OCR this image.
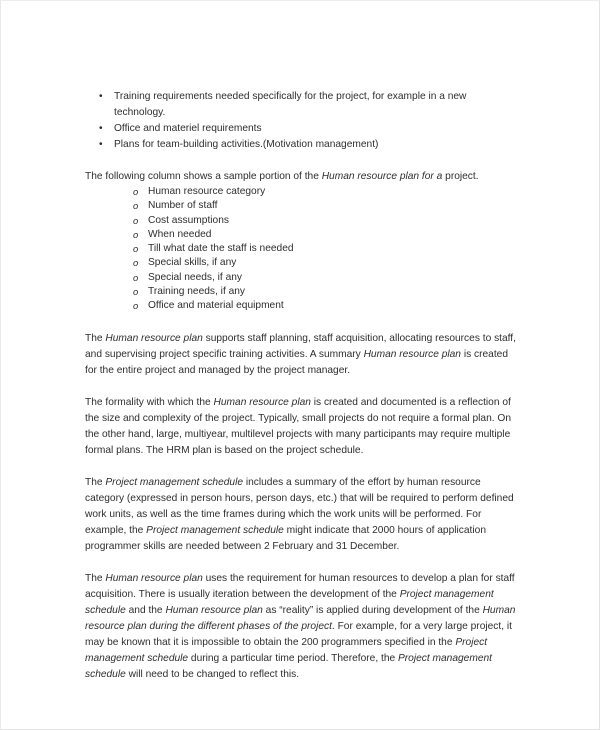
•	Training requirements needed specifically for the project, for example in a new technology.
•	Office and materiel requirements
•	Plans for team-building activities.(Motivation management)

The following column shows a sample portion of the Human resource plan for a project.

o Human resource category
o Number of staff
o Cost assumptions
o When needed
o Till what date the staff is needed
o Special skills, if any
o Special needs, if any
o Training needs, if any
o Office and material equipment

The Human resource plan supports staff planning, staff acquisition, allocating resources to staff, and supervising project specific training activities. A summary Human resource plan is created for the entire project and managed by the project manager.

The formality with which the Human resource plan is created and documented is a reflection of the size and complexity of the project. Typically, small projects do not require a formal plan. On the other hand, large, multiyear, multilevel projects with many participants may require multiple formal plans. The HRM plan is based on the project schedule.

The Project management schedule includes a summary of the effort by human resource category (expressed in person hours, person days, etc.) that will be required to perform defined work units, as well as the time frames during which the work units will be performed. For example, the Project management schedule might indicate that 2000 hours of application programmer skills are needed between 2 February and 31 December.

The Human resource plan uses the requirement for human resources to develop a plan for staff acquisition. There is usually iteration between the development of the Project management schedule and the Human resource plan as “reality” is applied during development of the Human resource plan during the different phases of the project. For example, for a very large project, it may be known that it is impossible to obtain the 200 programmers specified in the Project management schedule during a particular time period. Therefore, the Project management schedule will need to be changed to reflect this.
